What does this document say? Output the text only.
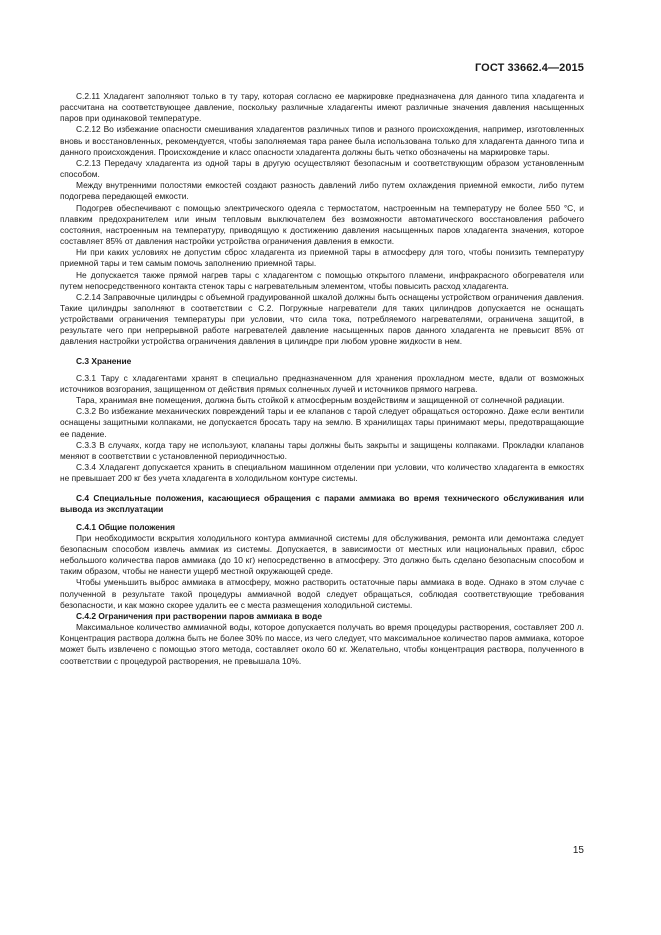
ГОСТ 33662.4—2015

С.2.11 Хладагент заполняют только в ту тару, которая согласно ее маркировке предназначена для данного типа хладагента и рассчитана на соответствующее давление, поскольку различные хладагенты имеют различные значения давления насыщенных паров при одинаковой температуре.

С.2.12 Во избежание опасности смешивания хладагентов различных типов и разного происхождения, например, изготовленных вновь и восстановленных, рекомендуется, чтобы заполняемая тара ранее была использована только для хладагента данного типа и данного происхождения. Происхождение и класс опасности хладагента должны быть четко обозначены на маркировке тары.

С.2.13 Передачу хладагента из одной тары в другую осуществляют безопасным и соответствующим образом установленным способом.

Между внутренними полостями емкостей создают разность давлений либо путем охлаждения приемной емкости, либо путем подогрева передающей емкости.

Подогрев обеспечивают с помощью электрического одеяла с термостатом, настроенным на температуру не более 550 °С, и плавким предохранителем или иным тепловым выключателем без возможности автоматического восстановления рабочего состояния, настроенным на температуру, приводящую к достижению давления насыщенных паров хладагента значения, которое составляет 85% от давления настройки устройства ограничения давления в емкости.

Ни при каких условиях не допустим сброс хладагента из приемной тары в атмосферу для того, чтобы понизить температуру приемной тары и тем самым помочь заполнению приемной тары.

Не допускается также прямой нагрев тары с хладагентом с помощью открытого пламени, инфракрасного обогревателя или путем непосредственного контакта стенок тары с нагревательным элементом, чтобы повысить расход хладагента.

С.2.14 Заправочные цилиндры с объемной градуированной шкалой должны быть оснащены устройством ограничения давления. Такие цилиндры заполняют в соответствии с С.2. Погружные нагреватели для таких цилиндров допускается не оснащать устройствами ограничения температуры при условии, что сила тока, потребляемого нагревателями, ограничена защитой, в результате чего при непрерывной работе нагревателей давление насыщенных паров данного хладагента не превысит 85% от давления настройки устройства ограничения давления в цилиндре при любом уровне жидкости в нем.

С.3 Хранение

С.3.1 Тару с хладагентами хранят в специально предназначенном для хранения прохладном месте, вдали от возможных источников возгорания, защищенном от действия прямых солнечных лучей и источников прямого нагрева.

Тара, хранимая вне помещения, должна быть стойкой к атмосферным воздействиям и защищенной от солнечной радиации.

С.3.2 Во избежание механических повреждений тары и ее клапанов с тарой следует обращаться осторожно. Даже если вентили оснащены защитными колпаками, не допускается бросать тару на землю. В хранилищах тары принимают меры, предотвращающие ее падение.

С.3.3 В случаях, когда тару не используют, клапаны тары должны быть закрыты и защищены колпаками. Прокладки клапанов меняют в соответствии с установленной периодичностью.

С.3.4 Хладагент допускается хранить в специальном машинном отделении при условии, что количество хладагента в емкостях не превышает 200 кг без учета хладагента в холодильном контуре системы.

С.4 Специальные положения, касающиеся обращения с парами аммиака во время технического обслуживания или вывода из эксплуатации

С.4.1 Общие положения

При необходимости вскрытия холодильного контура аммиачной системы для обслуживания, ремонта или демонтажа следует безопасным способом извлечь аммиак из системы. Допускается, в зависимости от местных или национальных правил, сброс небольшого количества паров аммиака (до 10 кг) непосредственно в атмосферу. Это должно быть сделано безопасным способом и таким образом, чтобы не нанести ущерб местной окружающей среде.

Чтобы уменьшить выброс аммиака в атмосферу, можно растворить остаточные пары аммиака в воде. Однако в этом случае с полученной в результате такой процедуры аммиачной водой следует обращаться, соблюдая соответствующие требования безопасности, и как можно скорее удалить ее с места размещения холодильной системы.

С.4.2 Ограничения при растворении паров аммиака в воде

Максимальное количество аммиачной воды, которое допускается получать во время процедуры растворения, составляет 200 л. Концентрация раствора должна быть не более 30% по массе, из чего следует, что максимальное количество паров аммиака, которое может быть извлечено с помощью этого метода, составляет около 60 кг. Желательно, чтобы концентрация раствора, полученного в соответствии с процедурой растворения, не превышала 10%.

15
